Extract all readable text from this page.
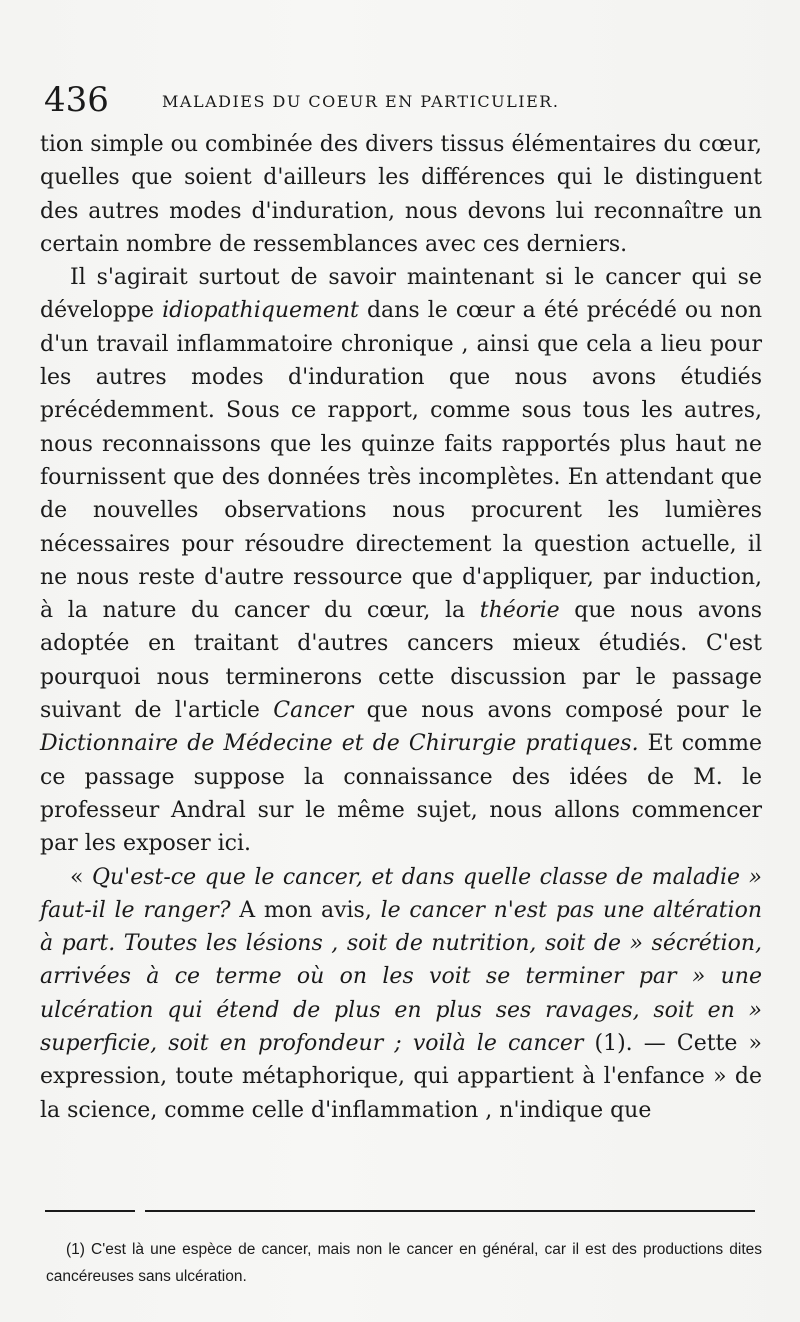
436	MALADIES DU COEUR EN PARTICULIER.

tion simple ou combinée des divers tissus élémentaires du cœur, quelles que soient d'ailleurs les différences qui le distinguent des autres modes d'induration, nous devons lui reconnaître un certain nombre de ressemblances avec ces derniers.

Il s'agirait surtout de savoir maintenant si le cancer qui se développe idiopathiquement dans le cœur a été précédé ou non d'un travail inflammatoire chronique , ainsi que cela a lieu pour les autres modes d'induration que nous avons étudiés précédemment. Sous ce rapport, comme sous tous les autres, nous reconnaissons que les quinze faits rapportés plus haut ne fournissent que des données très incomplètes. En attendant que de nouvelles observations nous procurent les lumières nécessaires pour résoudre directement la question actuelle, il ne nous reste d'autre ressource que d'appliquer, par induction, à la nature du cancer du cœur, la théorie que nous avons adoptée en traitant d'autres cancers mieux étudiés. C'est pourquoi nous terminerons cette discussion par le passage suivant de l'article Cancer que nous avons composé pour le Dictionnaire de Médecine et de Chirurgie pratiques. Et comme ce passage suppose la connaissance des idées de M. le professeur Andral sur le même sujet, nous allons commencer par les exposer ici.

« Qu'est-ce que le cancer, et dans quelle classe de maladie » faut-il le ranger? A mon avis, le cancer n'est pas une altération à part. Toutes les lésions , soit de nutrition, soit de » sécrétion, arrivées à ce terme où on les voit se terminer par » une ulcération qui étend de plus en plus ses ravages, soit en » superficie, soit en profondeur ; voilà le cancer (1). — Cette » expression, toute métaphorique, qui appartient à l'enfance » de la science, comme celle d'inflammation , n'indique que

(1) C'est là une espèce de cancer, mais non le cancer en général, car il est des productions dites cancéreuses sans ulcération.
